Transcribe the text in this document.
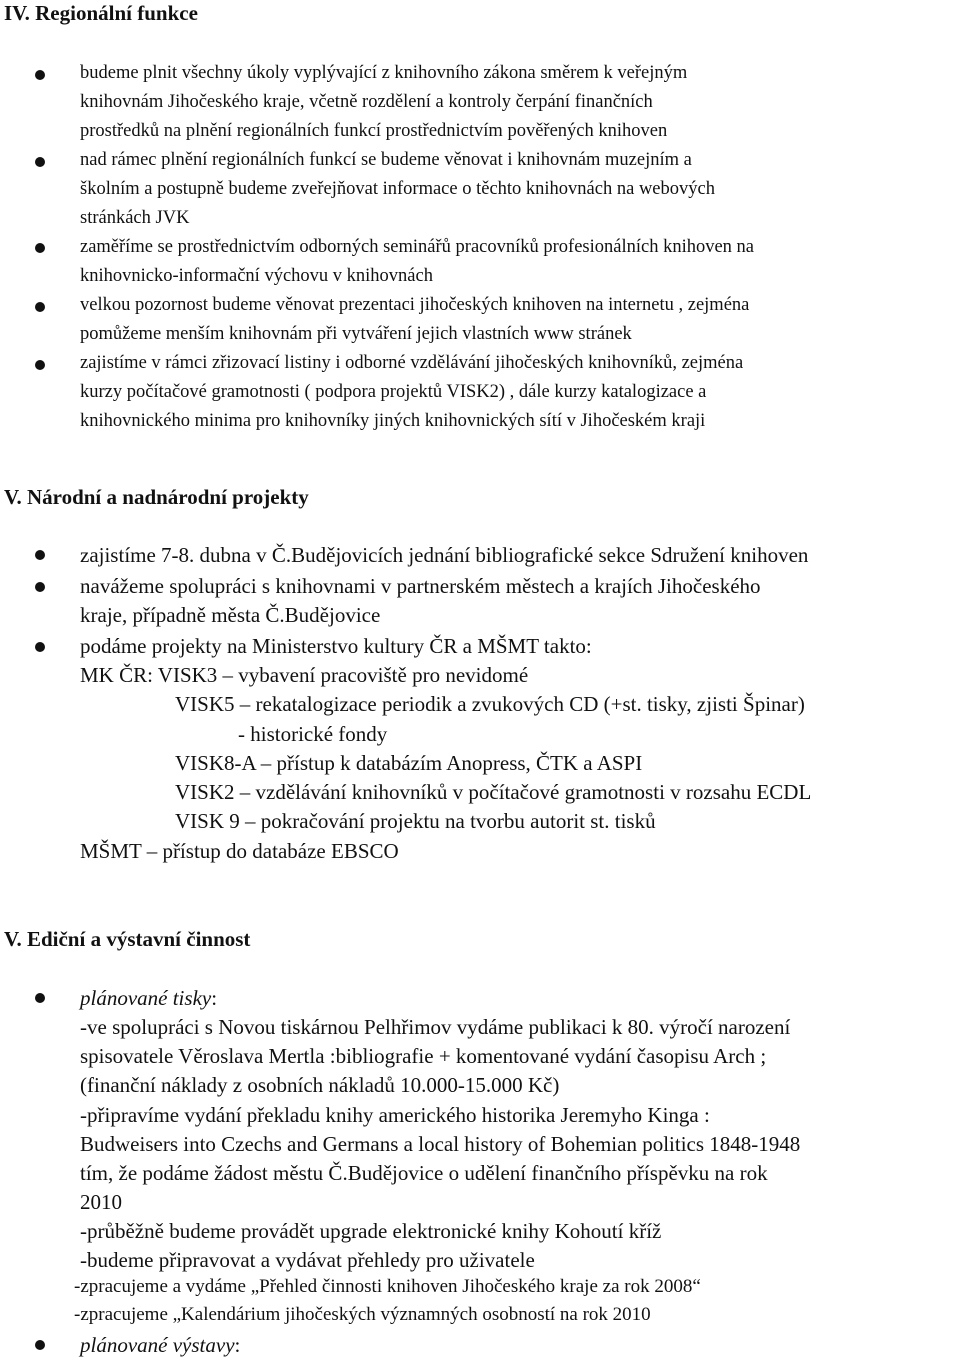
IV. Regionální funkce
budeme plnit všechny úkoly vyplývající z knihovního zákona směrem k veřejným
knihovnám Jihočeského kraje, včetně rozdělení a kontroly čerpání finančních
prostředků na plnění regionálních funkcí prostřednictvím pověřených knihoven
nad rámec plnění regionálních funkcí se budeme věnovat i knihovnám muzejním a
školním a postupně budeme zveřejňovat informace o těchto knihovnách na webových
stránkách JVK
zaměříme se prostřednictvím odborných seminářů pracovníků profesionálních knihoven na
knihovnicko-informační výchovu v knihovnách
velkou pozornost budeme věnovat prezentaci jihočeských knihoven na internetu , zejména
pomůžeme menším knihovnám při vytváření jejich vlastních www stránek
zajistíme v rámci zřizovací listiny i odborné vzdělávání jihočeských knihovníků, zejména
kurzy počítačové gramotnosti ( podpora projektů VISK2) , dále kurzy katalogizace a
knihovnického minima pro knihovníky jiných knihovnických sítí v Jihočeském kraji
V. Národní a nadnárodní projekty
zajistíme 7-8. dubna v Č.Budějovicích jednání bibliografické sekce Sdružení knihoven
navážeme spolupráci s knihovnami v partnerském městech a krajích Jihočeského
kraje, případně města Č.Budějovice
podáme projekty na Ministerstvo kultury ČR a MŠMT takto:
MK ČR: VISK3 – vybavení pracoviště pro nevidomé
VISK5 – rekatalogizace periodik a zvukových CD (+st. tisky, zjisti Špinar)
- historické fondy
VISK8-A – přístup k databázím Anopress, ČTK a ASPI
VISK2 – vzdělávání knihovníků v počítačové gramotnosti v rozsahu ECDL
VISK 9 – pokračování projektu na tvorbu autorit st. tisků
MŠMT – přístup do databáze EBSCO
V. Ediční a výstavní činnost
plánované tisky:
-ve spolupráci s Novou tiskárnou Pelhřimov vydáme publikaci k 80. výročí narození
spisovatele Věroslava Mertla :bibliografie + komentované vydání časopisu Arch ;
(finanční náklady z osobních nákladů 10.000-15.000 Kč)
-připravíme vydání překladu knihy amerického historika Jeremyho Kinga :
Budweisers into Czechs and Germans a local history of Bohemian politics 1848-1948
tím, že podáme žádost městu Č.Budějovice o udělení finančního příspěvku na rok
2010
-průběžně budeme provádět upgrade elektronické knihy Kohoutí kříž
-budeme připravovat a vydávat přehledy pro uživatele
-zpracujeme a vydáme „Přehled činnosti knihoven Jihočeského kraje za rok 2008“
-zpracujeme „Kalendárium jihočeských významných osobností na rok 2010
plánované výstavy:
